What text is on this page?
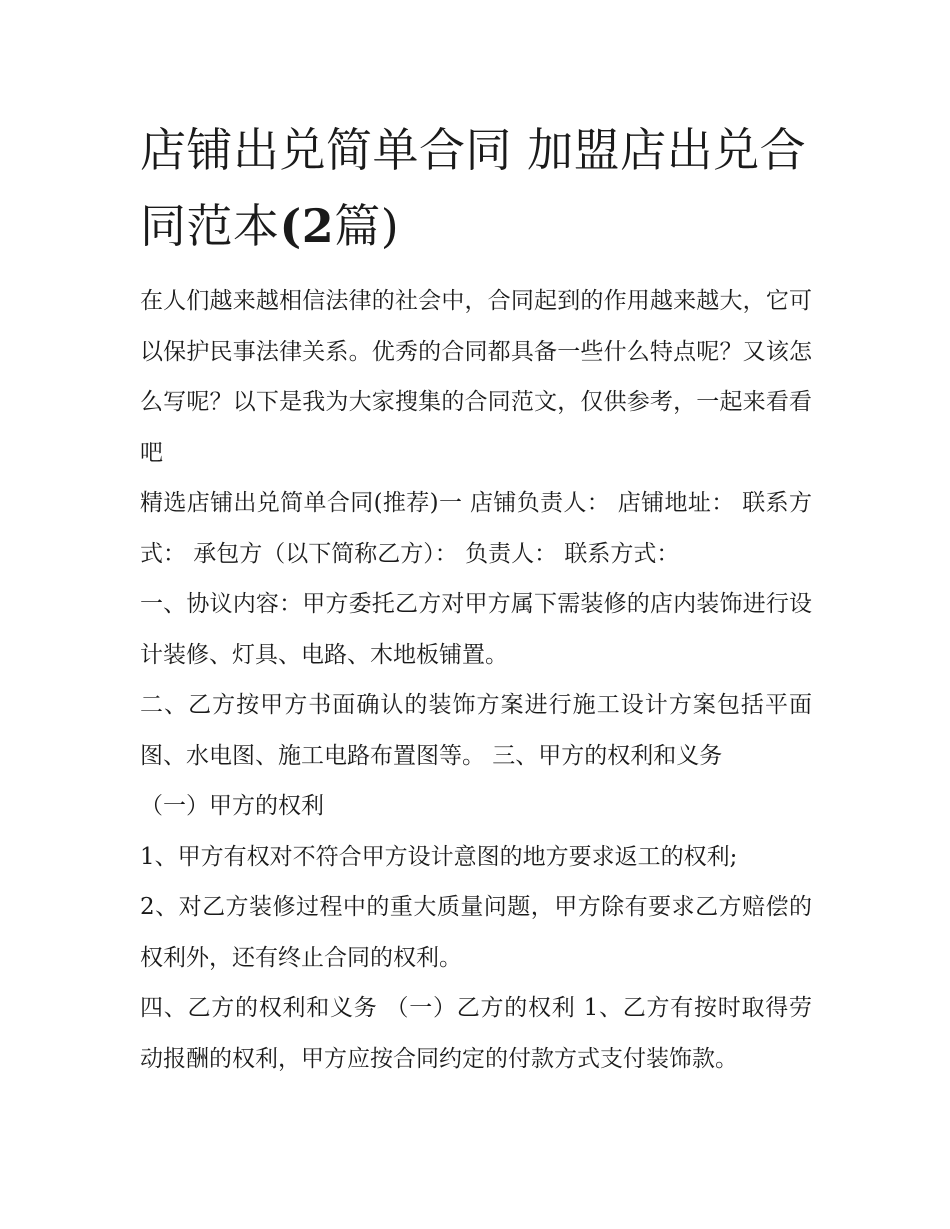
店铺出兑简单合同 加盟店出兑合同范本(2篇)

在人们越来越相信法律的社会中，合同起到的作用越来越大，它可以保护民事法律关系。优秀的合同都具备一些什么特点呢？又该怎么写呢？以下是我为大家搜集的合同范文，仅供参考，一起来看看吧

精选店铺出兑简单合同(推荐)一 店铺负责人： 店铺地址： 联系方式： 承包方（以下简称乙方）： 负责人： 联系方式：

一、协议内容：甲方委托乙方对甲方属下需装修的店内装饰进行设计装修、灯具、电路、木地板铺置。

二、乙方按甲方书面确认的装饰方案进行施工设计方案包括平面图、水电图、施工电路布置图等。 三、甲方的权利和义务

（一）甲方的权利

1、甲方有权对不符合甲方设计意图的地方要求返工的权利;

2、对乙方装修过程中的重大质量问题，甲方除有要求乙方赔偿的权利外，还有终止合同的权利。

四、乙方的权利和义务 （一）乙方的权利 1、乙方有按时取得劳动报酬的权利，甲方应按合同约定的付款方式支付装饰款。
